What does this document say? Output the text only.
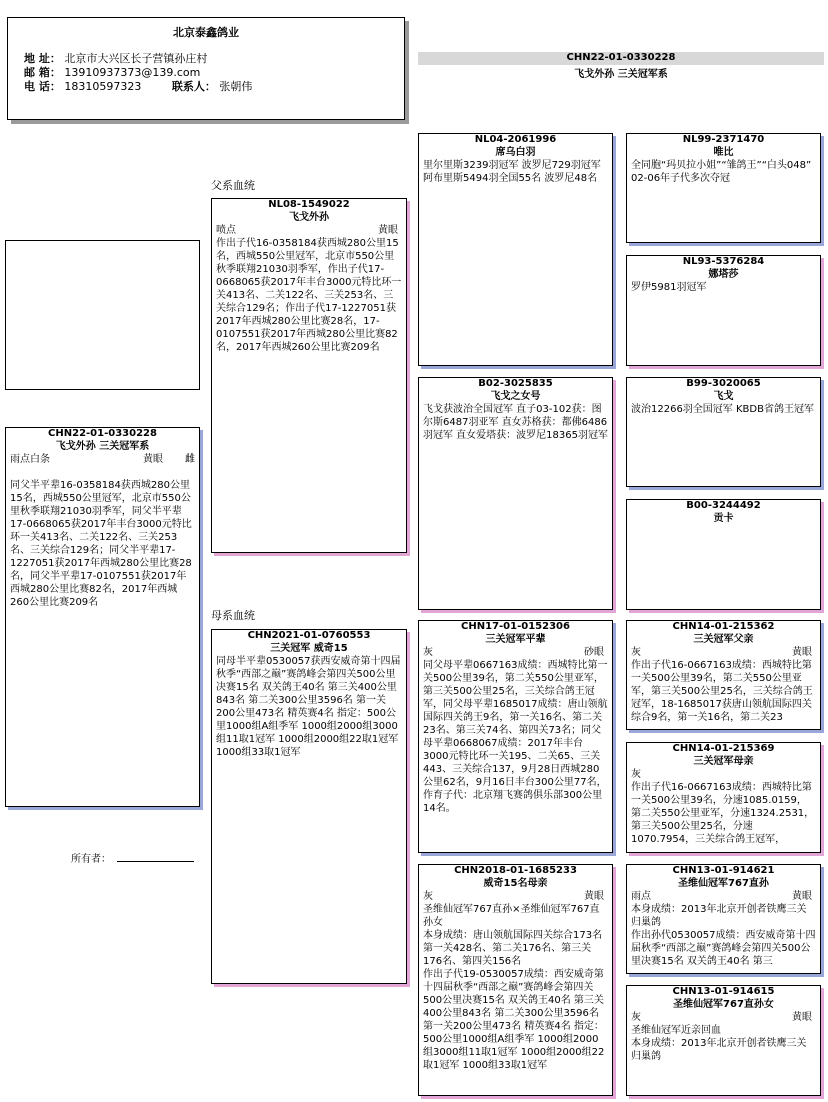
北京泰鑫鸽业
地 址： 北京市大兴区长子营镇孙庄村
邮 箱： 13910937373@139.com
电 话： 18310597323	联系人： 张朝伟
CHN22-01-0330228
飞戈外孙 三关冠军系
父系血统
母系血统
所有者：
CHN22-01-0330228
飞戈外孙 三关冠军系
雨点白条	黄眼 雌
同父半平辈16-0358184获西城280公里15名，西城550公里冠军，北京市550公里秋季联翔21030羽季军，同父半平辈17-0668065获2017年丰台3000元特比环一关413名、二关122名、三关253名、三关综合129名；同父半平辈17-1227051获2017年西城280公里比赛28名，同父半平辈17-0107551获2017年西城280公里比赛82名，2017年西城260公里比赛209名
NL08-1549022
飞戈外孙
喷点	黄眼
作出子代16-0358184获西城280公里15名，西城550公里冠军，北京市550公里秋季联翔21030羽季军，作出子代17-0668065获2017年丰台3000元特比环一关413名、二关122名、三关253名、三关综合129名；作出子代17-1227051获2017年西城280公里比赛28名，17-0107551获2017年西城280公里比赛82名，2017年西城260公里比赛209名
CHN2021-01-0760553
三关冠军 威奇15
同母半平辈0530057获西安威奇第十四届秋季“西部之巅”赛鸽峰会第四关500公里决赛15名 双关鸽王40名 第三关400公里843名 第二关300公里3596名 第一关200公里473名 精英赛4名 指定：500公里1000组A组季军 1000组2000组3000组11取1冠军 1000组2000组22取1冠军 1000组33取1冠军
NL04-2061996
席乌白羽
里尔里斯3239羽冠军 波罗尼729羽冠军 阿布里斯5494羽全国55名 波罗尼48名
B02-3025835
飞戈之女号
飞戈获波治全国冠军 直子03-102获：图尔斯6487羽亚军 直女苏格获：都佛6486羽冠军 直女爱塔获：波罗尼18365羽冠军
CHN17-01-0152306
三关冠军平辈
灰	砂眼
同父母平辈0667163成绩：西城特比第一关500公里39名，第二关550公里亚军，第三关500公里25名，三关综合鸽王冠军，同父母平辈1685017成绩：唐山领航国际四关鸽王9名，第一关16名、第二关23名、第三关74名、第四关73名；同父母平辈0668067成绩：2017年丰台3000元特比环一关195、二关65、三关443、三关综合137，9月28日西城280公里62名，9月16日丰台300公里77名，作育子代：北京翔飞赛鸽俱乐部300公里14名。
CHN2018-01-1685233
威奇15名母亲
灰	黄眼
圣维仙冠军767直孙×圣维仙冠军767直孙女
本身成绩：唐山领航国际四关综合173名 第一关428名、第二关176名、第三关176名、第四关156名
作出子代19-0530057成绩：西安威奇第十四届秋季“西部之巅”赛鸽峰会第四关500公里决赛15名 双关鸽王40名 第三关400公里843名 第二关300公里3596名 第一关200公里473名 精英赛4名 指定：500公里1000组A组季军 1000组2000组3000组11取1冠军 1000组2000组22取1冠军 1000组33取1冠军
NL99-2371470
唯比
全同胞“玛贝拉小姐”“雏鸽王”“白头048” 02-06年子代多次夺冠
NL93-5376284
娜塔莎
罗伊5981羽冠军
B99-3020065
飞戈
波治12266羽全国冠军 KBDB省鸽王冠军
B00-3244492
贡卡
CHN14-01-215362
三关冠军父亲
灰	黄眼
作出子代16-0667163成绩：西城特比第一关500公里39名，第二关550公里亚军，第三关500公里25名，三关综合鸽王冠军，18-1685017获唐山领航国际四关综合9名，第一关16名，第二关23
CHN14-01-215369
三关冠军母亲
灰
作出子代16-0667163成绩：西城特比第一关500公里39名，分速1085.0159，第二关550公里亚军，分速1324.2531，第三关500公里25名，分速1070.7954，三关综合鸽王冠军，
CHN13-01-914621
圣维仙冠军767直孙
雨点	黄眼
本身成绩：2013年北京开创者铁鹰三关归巢鸽
作出孙代0530057成绩：西安威奇第十四届秋季“西部之巅”赛鸽峰会第四关500公里决赛15名 双关鸽王40名 第三
CHN13-01-914615
圣维仙冠军767直孙女
灰	黄眼
圣维仙冠军近亲回血
本身成绩：2013年北京开创者铁鹰三关归巢鸽
